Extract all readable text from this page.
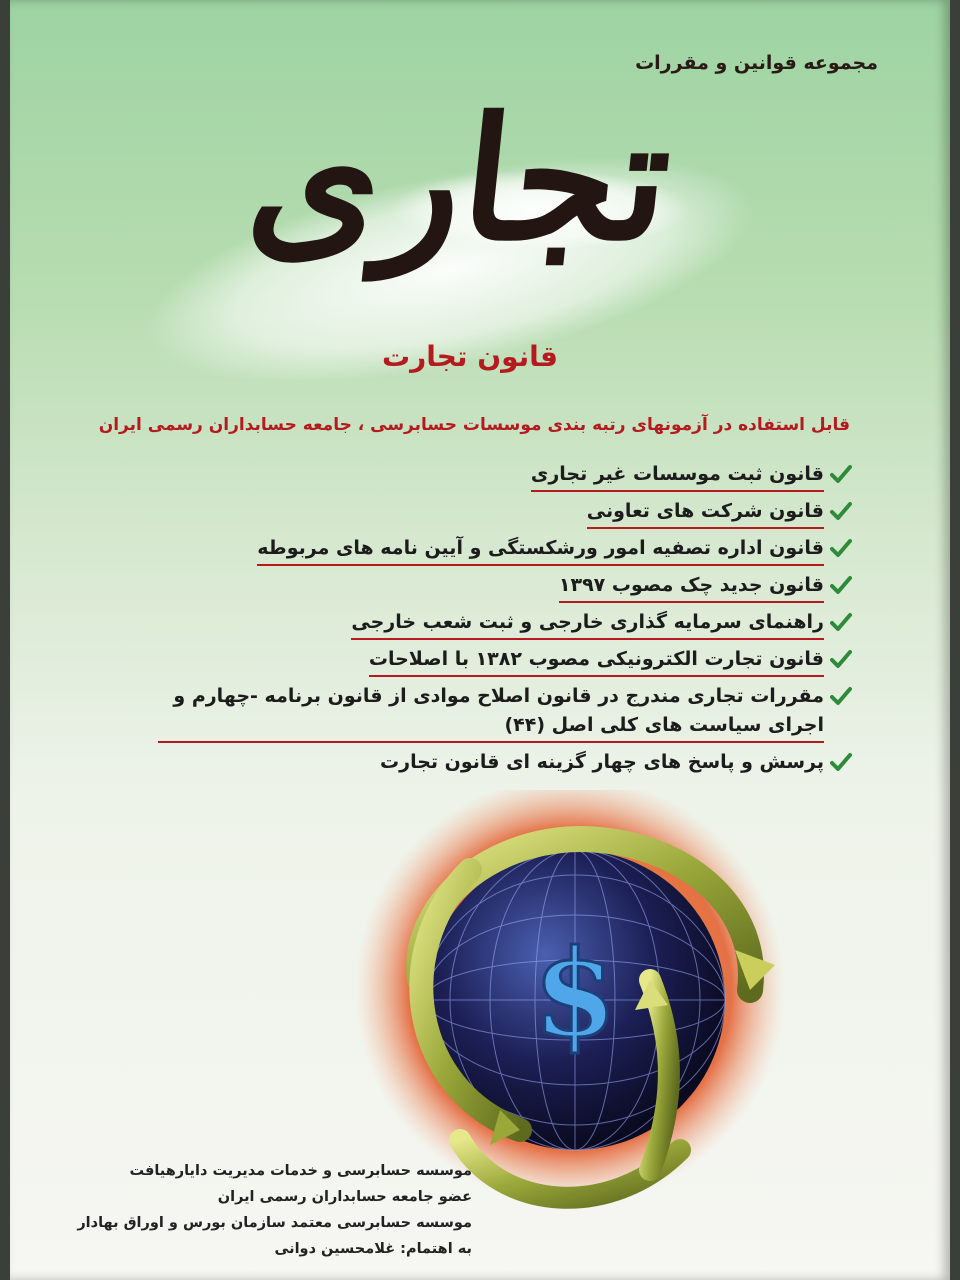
مجموعه قوانین و مقررات
تجاری
قانون تجارت
قابل استفاده در آزمونهای رتبه بندی موسسات حسابرسی ، جامعه حسابداران رسمی ایران
قانون ثبت موسسات غیر تجاری
قانون شرکت های تعاونی
قانون اداره تصفیه امور ورشکستگی و آیین نامه های مربوطه
قانون جدید چک مصوب ۱۳۹۷
راهنمای سرمایه گذاری خارجی و ثبت شعب خارجی
قانون تجارت الکترونیکی مصوب ۱۳۸۲ با اصلاحات
مقررات تجاری مندرج در قانون اصلاح موادی از قانون برنامه -چهارم و اجرای سیاست های کلی اصل (۴۴)
پرسش و پاسخ های چهار گزینه ای قانون تجارت
$
موسسه حسابرسی و خدمات مدیریت دایارهیافت
عضو جامعه حسابداران رسمی ایران
موسسه حسابرسی معتمد سازمان بورس و اوراق بهادار
به اهتمام: غلامحسین دوانی
